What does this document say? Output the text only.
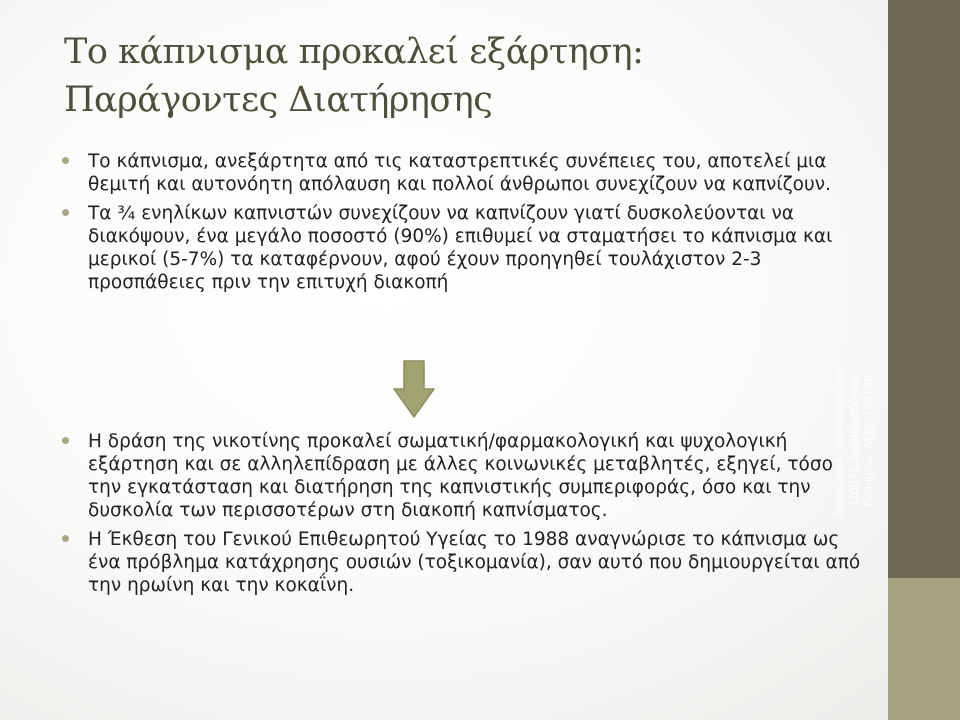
Το κάπνισμα προκαλεί εξάρτηση:
Παράγοντες Διατήρησης
Το κάπνισμα, ανεξάρτητα από τις καταστρεπτικές συνέπειες του, αποτελεί μια θεμιτή και αυτονόητη απόλαυση και πολλοί άνθρωποι συνεχίζουν να καπνίζουν.
Τα ¾ ενηλίκων καπνιστών συνεχίζουν να καπνίζουν γιατί δυσκολεύονται να διακόψουν, ένα μεγάλο ποσοστό (90%) επιθυμεί να σταματήσει το κάπνισμα και μερικοί (5-7%) τα καταφέρνουν, αφού έχουν προηγηθεί τουλάχιστον 2-3 προσπάθειες πριν την επιτυχή διακοπή
Η δράση της νικοτίνης προκαλεί σωματική/φαρμακολογική και ψυχολογική εξάρτηση και σε αλληλεπίδραση με άλλες κοινωνικές μεταβλητές, εξηγεί, τόσο την εγκατάσταση και διατήρηση της καπνιστικής συμπεριφοράς, όσο και την δυσκολία των περισσοτέρων στη διακοπή καπνίσματος.
Η Έκθεση του Γενικού Επιθεωρητού Υγείας το 1988 αναγνώρισε το κάπνισμα ως ένα πρόβλημα κατάχρησης ουσιών (τοξικομανία), σαν αυτό που δημιουργείται από την ηρωίνη και την κοκαΐνη.
Ευθυμίου & Σοφιανοπούλου, (2007); Σοφιανοπούλου, Ευθυμίου, Αζίζι, (2013);
